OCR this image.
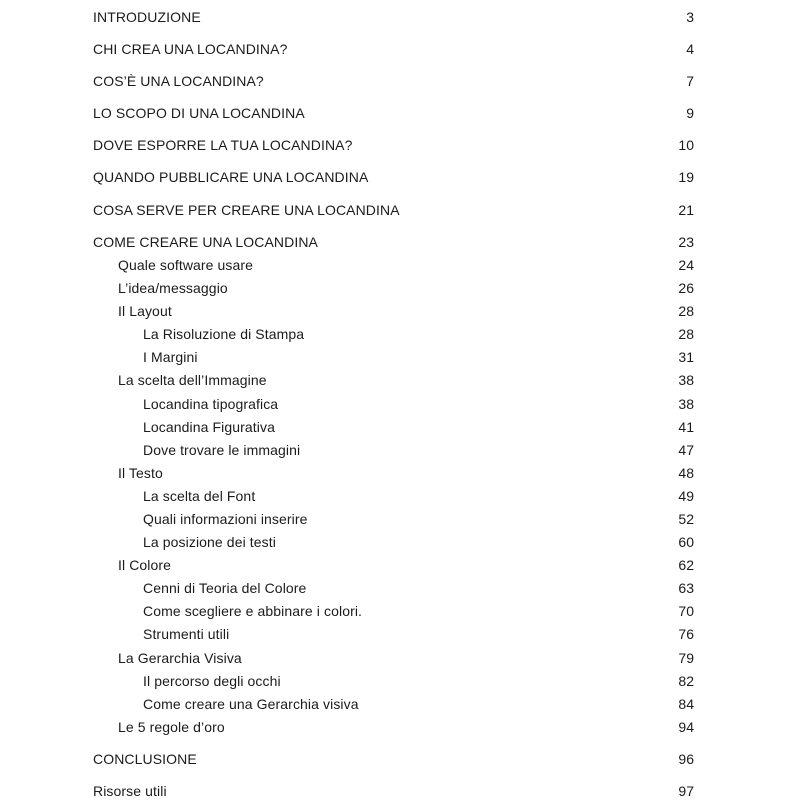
INTRODUZIONE	3
CHI CREA UNA LOCANDINA?	4
COS’È UNA LOCANDINA?	7
LO SCOPO DI UNA LOCANDINA	9
DOVE ESPORRE LA TUA LOCANDINA?	10
QUANDO PUBBLICARE UNA LOCANDINA	19
COSA SERVE PER CREARE UNA LOCANDINA	21
COME CREARE UNA LOCANDINA	23
Quale software usare	24
L’idea/messaggio	26
Il Layout	28
La Risoluzione di Stampa	28
I Margini	31
La scelta dell’Immagine	38
Locandina tipografica	38
Locandina Figurativa	41
Dove trovare le immagini	47
Il Testo	48
La scelta del Font	49
Quali informazioni inserire	52
La posizione dei testi	60
Il Colore	62
Cenni di Teoria del Colore	63
Come scegliere e abbinare i colori.	70
Strumenti utili	76
La Gerarchia Visiva	79
Il percorso degli occhi	82
Come creare una Gerarchia visiva	84
Le 5 regole d’oro	94
CONCLUSIONE	96
Risorse utili	97
